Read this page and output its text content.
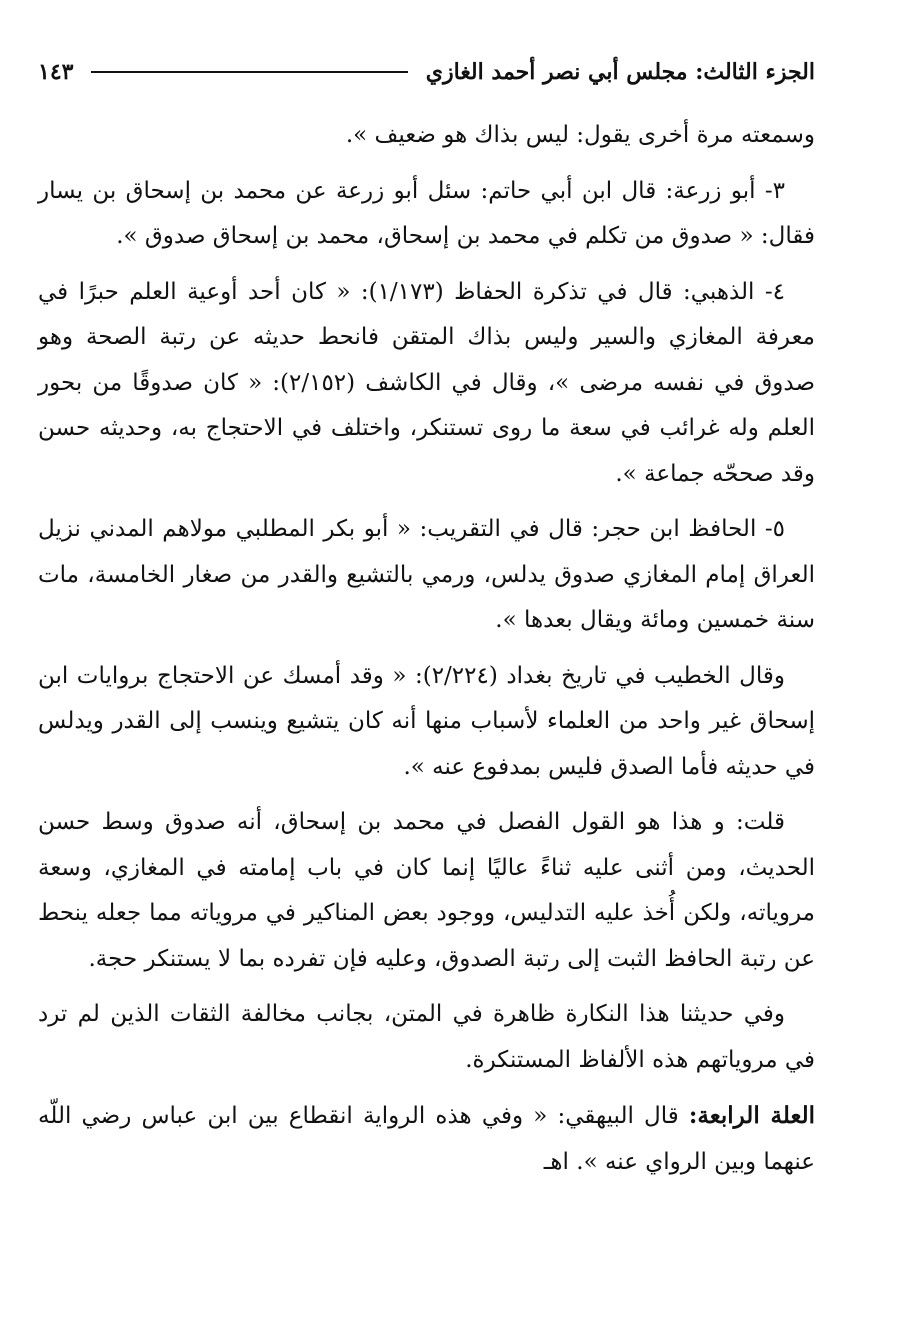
الجزء الثالث: مجلس أبي نصر أحمد الغازي
١٤٣

وسمعته مرة أخرى يقول: ليس بذاك هو ضعيف ».

٣- أبو زرعة: قال ابن أبي حاتم: سئل أبو زرعة عن محمد بن إسحاق بن يسار فقال: « صدوق من تكلم في محمد بن إسحاق، محمد بن إسحاق صدوق ».

٤- الذهبي: قال في تذكرة الحفاظ (١/١٧٣): « كان أحد أوعية العلم حبرًا في معرفة المغازي والسير وليس بذاك المتقن فانحط حديثه عن رتبة الصحة وهو صدوق في نفسه مرضى »، وقال في الكاشف (٢/١٥٢): « كان صدوقًا من بحور العلم وله غرائب في سعة ما روى تستنكر، واختلف في الاحتجاج به، وحديثه حسن وقد صححّه جماعة ».

٥- الحافظ ابن حجر: قال في التقريب: « أبو بكر المطلبي مولاهم المدني نزيل العراق إمام المغازي صدوق يدلس، ورمي بالتشيع والقدر من صغار الخامسة، مات سنة خمسين ومائة ويقال بعدها ».

وقال الخطيب في تاريخ بغداد (٢/٢٢٤): « وقد أمسك عن الاحتجاج بروايات ابن إسحاق غير واحد من العلماء لأسباب منها أنه كان يتشيع وينسب إلى القدر ويدلس في حديثه فأما الصدق فليس بمدفوع عنه ».

قلت: و هذا هو القول الفصل في محمد بن إسحاق، أنه صدوق وسط حسن الحديث، ومن أثنى عليه ثناءً عاليًا إنما كان في باب إمامته في المغازي، وسعة مروياته، ولكن أُخذ عليه التدليس، ووجود بعض المناكير في مروياته مما جعله ينحط عن رتبة الحافظ الثبت إلى رتبة الصدوق، وعليه فإن تفرده بما لا يستنكر حجة.

وفي حديثنا هذا النكارة ظاهرة في المتن، بجانب مخالفة الثقات الذين لم ترد في مروياتهم هذه الألفاظ المستنكرة.

العلة الرابعة: قال البيهقي: « وفي هذه الرواية انقطاع بين ابن عباس رضي اللّه عنهما وبين الرواي عنه ». اهـ
